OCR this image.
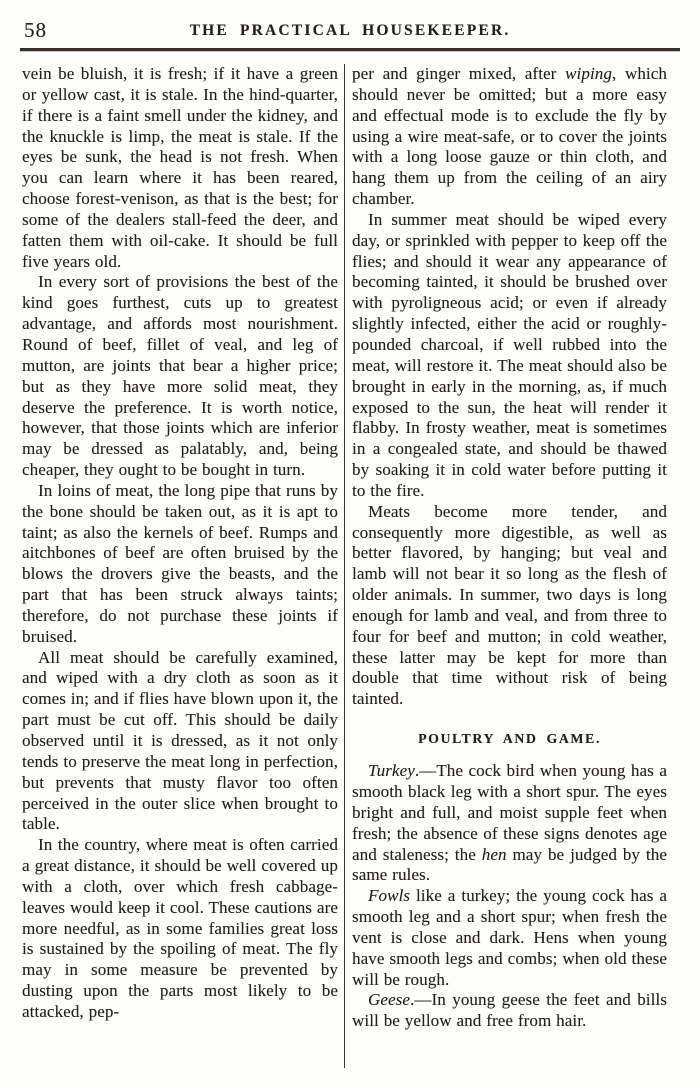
58	THE PRACTICAL HOUSEKEEPER.

vein be bluish, it is fresh; if it have a green or yellow cast, it is stale. In the hind-quarter, if there is a faint smell under the kidney, and the knuckle is limp, the meat is stale. If the eyes be sunk, the head is not fresh. When you can learn where it has been reared, choose forest-venison, as that is the best; for some of the dealers stall-feed the deer, and fatten them with oil-cake. It should be full five years old.

In every sort of provisions the best of the kind goes furthest, cuts up to greatest advantage, and affords most nourishment. Round of beef, fillet of veal, and leg of mutton, are joints that bear a higher price; but as they have more solid meat, they deserve the preference. It is worth notice, however, that those joints which are inferior may be dressed as palatably, and, being cheaper, they ought to be bought in turn.

In loins of meat, the long pipe that runs by the bone should be taken out, as it is apt to taint; as also the kernels of beef. Rumps and aitchbones of beef are often bruised by the blows the drovers give the beasts, and the part that has been struck always taints; therefore, do not purchase these joints if bruised.

All meat should be carefully examined, and wiped with a dry cloth as soon as it comes in; and if flies have blown upon it, the part must be cut off. This should be daily observed until it is dressed, as it not only tends to preserve the meat long in perfection, but prevents that musty flavor too often perceived in the outer slice when brought to table.

In the country, where meat is often carried a great distance, it should be well covered up with a cloth, over which fresh cabbage-leaves would keep it cool. These cautions are more needful, as in some families great loss is sustained by the spoiling of meat. The fly may in some measure be prevented by dusting upon the parts most likely to be attacked, pep-

per and ginger mixed, after wiping, which should never be omitted; but a more easy and effectual mode is to exclude the fly by using a wire meat-safe, or to cover the joints with a long loose gauze or thin cloth, and hang them up from the ceiling of an airy chamber.

In summer meat should be wiped every day, or sprinkled with pepper to keep off the flies; and should it wear any appearance of becoming tainted, it should be brushed over with pyroligneous acid; or even if already slightly infected, either the acid or roughly-pounded charcoal, if well rubbed into the meat, will restore it. The meat should also be brought in early in the morning, as, if much exposed to the sun, the heat will render it flabby. In frosty weather, meat is sometimes in a congealed state, and should be thawed by soaking it in cold water before putting it to the fire.

Meats become more tender, and consequently more digestible, as well as better flavored, by hanging; but veal and lamb will not bear it so long as the flesh of older animals. In summer, two days is long enough for lamb and veal, and from three to four for beef and mutton; in cold weather, these latter may be kept for more than double that time without risk of being tainted.

POULTRY AND GAME.

Turkey.—The cock bird when young has a smooth black leg with a short spur. The eyes bright and full, and moist supple feet when fresh; the absence of these signs denotes age and staleness; the hen may be judged by the same rules.

Fowls like a turkey; the young cock has a smooth leg and a short spur; when fresh the vent is close and dark. Hens when young have smooth legs and combs; when old these will be rough.

Geese.—In young geese the feet and bills will be yellow and free from hair.
